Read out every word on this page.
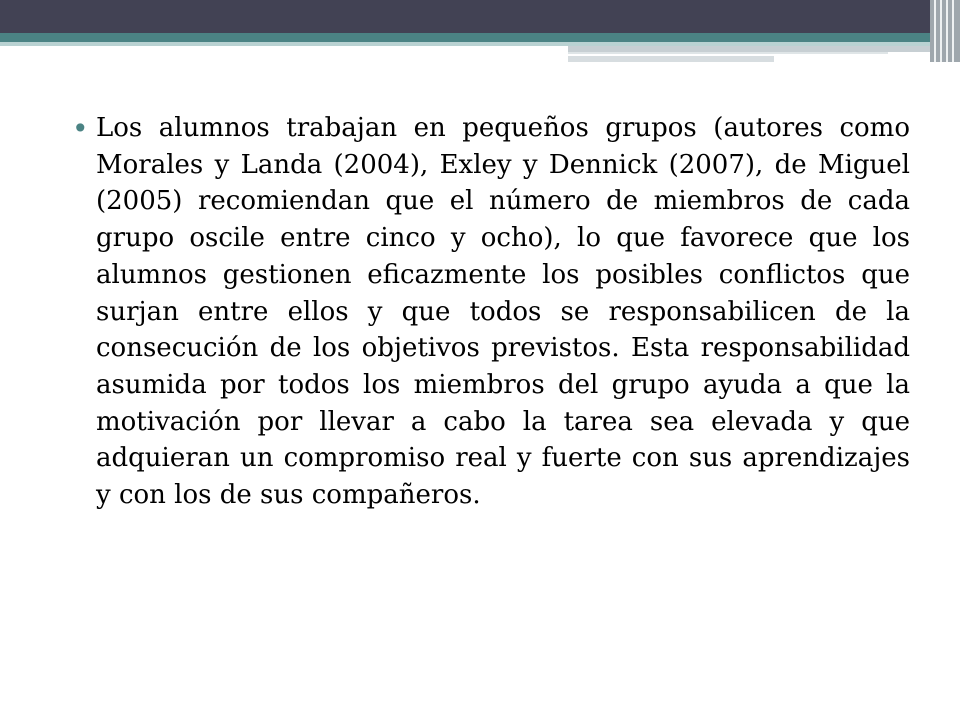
• Los alumnos trabajan en pequeños grupos (autores como Morales y Landa (2004), Exley y Dennick (2007), de Miguel (2005) recomiendan que el número de miembros de cada grupo oscile entre cinco y ocho), lo que favorece que los alumnos gestionen eficazmente los posibles conflictos que surjan entre ellos y que todos se responsabilicen de la consecución de los objetivos previstos. Esta responsabilidad asumida por todos los miembros del grupo ayuda a que la motivación por llevar a cabo la tarea sea elevada y que adquieran un compromiso real y fuerte con sus aprendizajes y con los de sus compañeros.
